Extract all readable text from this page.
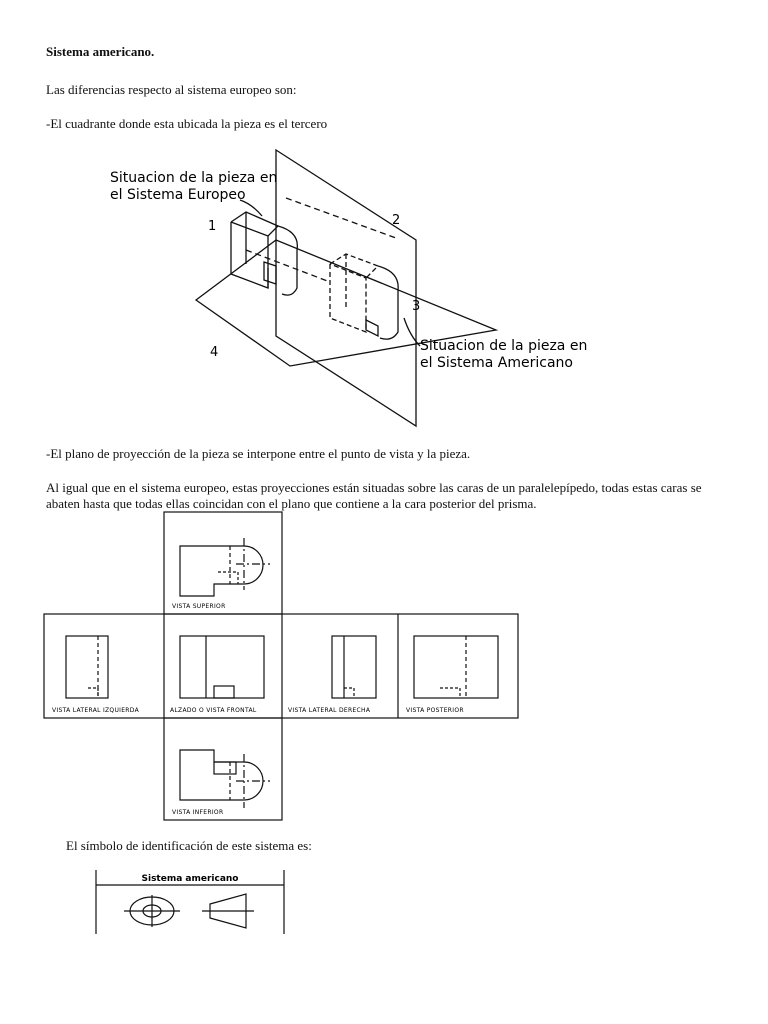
Sistema americano.

Las diferencias respecto al sistema europeo son:

-El cuadrante donde esta ubicada la pieza es el tercero

Situacion de la pieza en
el Sistema Europeo
Situacion de la pieza en
el Sistema Americano
1	2
3
4

-El plano de proyección de la pieza se interpone entre el punto de vista y la pieza.

Al igual que en el sistema europeo, estas proyecciones están situadas sobre las caras de un paralelepípedo, todas estas caras se abaten hasta que todas ellas coincidan con el plano que contiene a la cara posterior del prisma.

VISTA SUPERIOR
VISTA LATERAL IZQUIERDA	ALZADO O VISTA FRONTAL	VISTA LATERAL DERECHA	VISTA POSTERIOR
VISTA INFERIOR

El símbolo de identificación de este sistema es:

Sistema americano
